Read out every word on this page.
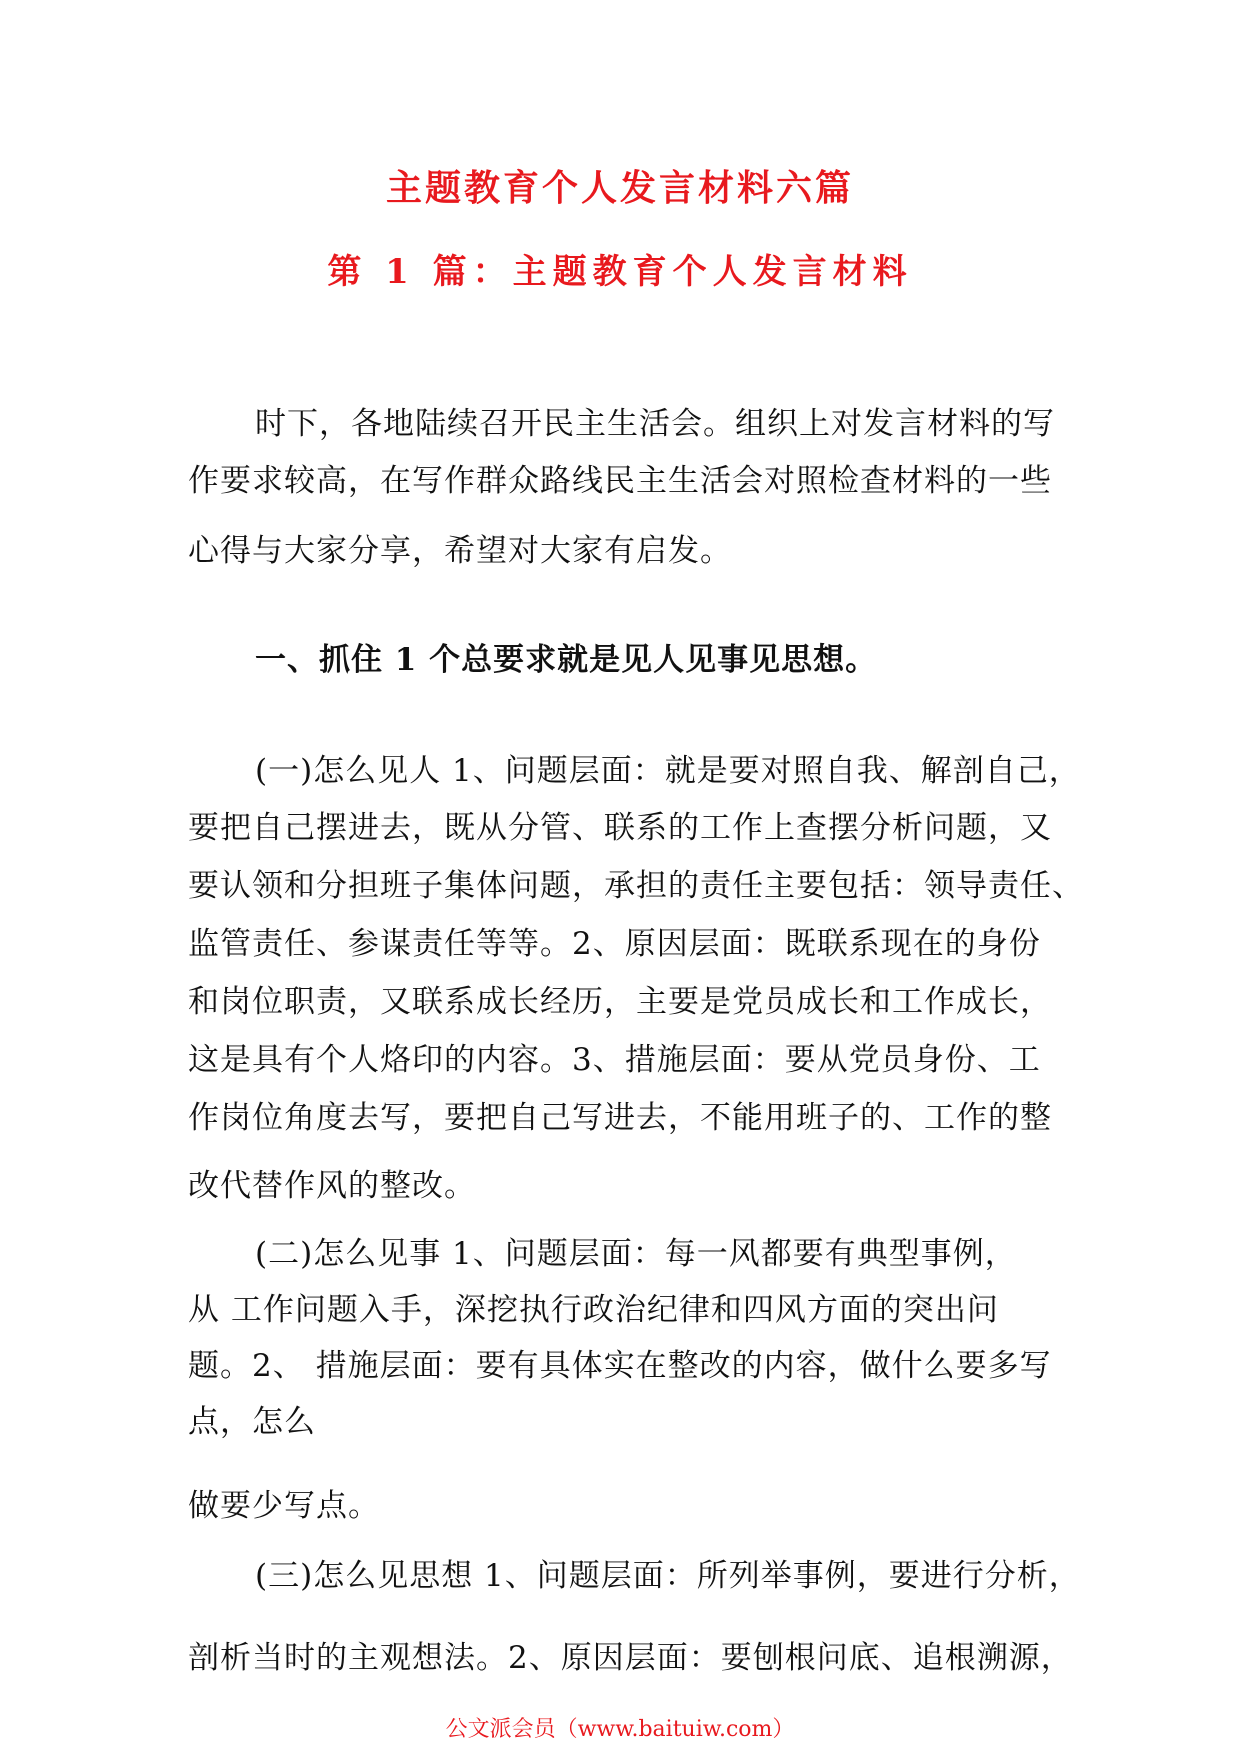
主题教育个人发言材料六篇
第 1 篇：主题教育个人发言材料
时下，各地陆续召开民主生活会。组织上对发言材料的写
作要求较高，在写作群众路线民主生活会对照检查材料的一些
心得与大家分享，希望对大家有启发。
一、抓住 1 个总要求就是见人见事见思想。
(一)怎么见人 1、问题层面：就是要对照自我、解剖自己，
要把自己摆进去，既从分管、联系的工作上查摆分析问题，又
要认领和分担班子集体问题，承担的责任主要包括：领导责任、
监管责任、参谋责任等等。2、原因层面：既联系现在的身份
和岗位职责，又联系成长经历，主要是党员成长和工作成长，
这是具有个人烙印的内容。3、措施层面：要从党员身份、工
作岗位角度去写，要把自己写进去，不能用班子的、工作的整
改代替作风的整改。
(二)怎么见事 1、问题层面：每一风都要有典型事例，
从 工作问题入手，深挖执行政治纪律和四风方面的突出问
题。2、 措施层面：要有具体实在整改的内容，做什么要多写
点，怎么
做要少写点。
(三)怎么见思想 1、问题层面：所列举事例，要进行分析，
剖析当时的主观想法。2、原因层面：要刨根问底、追根溯源，
公文派会员（www.baituiw.com）
